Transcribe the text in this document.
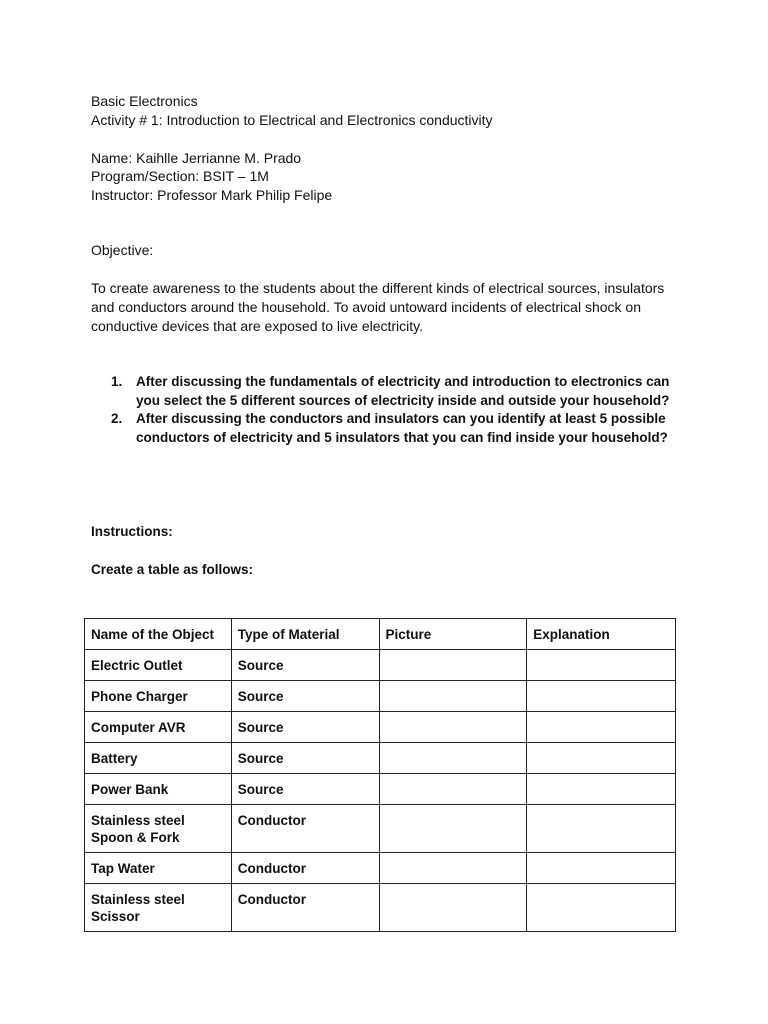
Basic Electronics
Activity # 1: Introduction to Electrical and Electronics conductivity
Name: Kaihlle Jerrianne M. Prado
Program/Section: BSIT – 1M
Instructor: Professor Mark Philip Felipe
Objective:
To create awareness to the students about the different kinds of electrical sources, insulators and conductors around the household. To avoid untoward incidents of electrical shock on conductive devices that are exposed to live electricity.
1. After discussing the fundamentals of electricity and introduction to electronics can you select the 5 different sources of electricity inside and outside your household?
2. After discussing the conductors and insulators can you identify at least 5 possible conductors of electricity and 5 insulators that you can find inside your household?
Instructions:
Create a table as follows:
Name of the Object	Type of Material	Picture	Explanation
Electric Outlet	Source		
Phone Charger	Source		
Computer AVR	Source		
Battery	Source		
Power Bank	Source		
Stainless steel Spoon & Fork	Conductor		
Tap Water	Conductor		
Stainless steel Scissor	Conductor		
